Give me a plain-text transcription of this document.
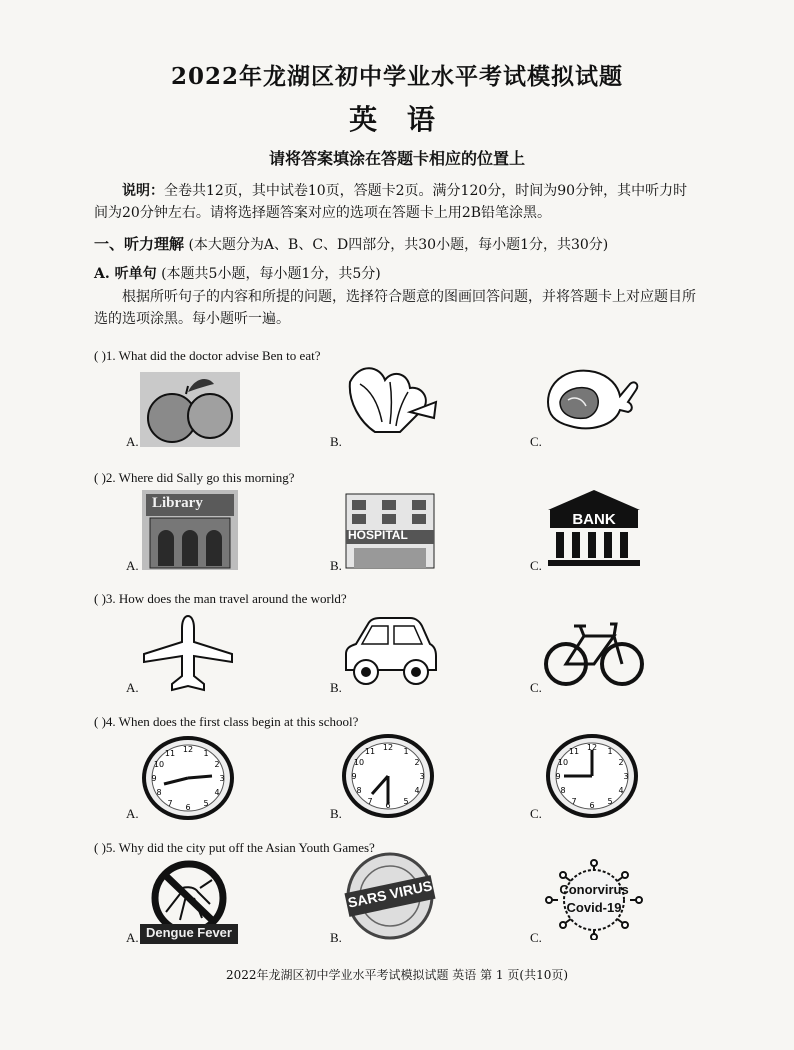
2022年龙湖区初中学业水平考试模拟试题
英 语
请将答案填涂在答题卡相应的位置上
说明：全卷共12页，其中试卷10页，答题卡2页。满分120分，时间为90分钟，其中听力时间为20分钟左右。请将选择题答案对应的选项在答题卡上用2B铅笔涂黑。
一、听力理解 (本大题分为A、B、C、D四部分，共30小题，每小题1分，共30分)
A. 听单句 (本题共5小题，每小题1分，共5分)
根据所听句子的内容和所提的问题，选择符合题意的图画回答问题，并将答题卡上对应题目所选的选项涂黑。每小题听一遍。
( )1. What did the doctor advise Ben to eat?
A.	B.	C.
( )2. Where did Sally go this morning?
A.	B.	C.
Library
HOSPITAL
BANK
( )3. How does the man travel around the world?
A.	B.	C.
( )4. When does the first class begin at this school?
A.	B.	C.
12 1
2
3
4
5
6
7
8
9
10
11
12 1
2
3
4
5
6
7
8
9
10
11	12 1
2
3
4
5
6
7
8
9
10
11
( )5. Why did the city put off the Asian Youth Games?
A.	B.	C.
Dengue Fever
SARS VIRUS	Conorvirus
Covid-19
2022年龙湖区初中学业水平考试模拟试题 英语 第 1 页(共10页)
